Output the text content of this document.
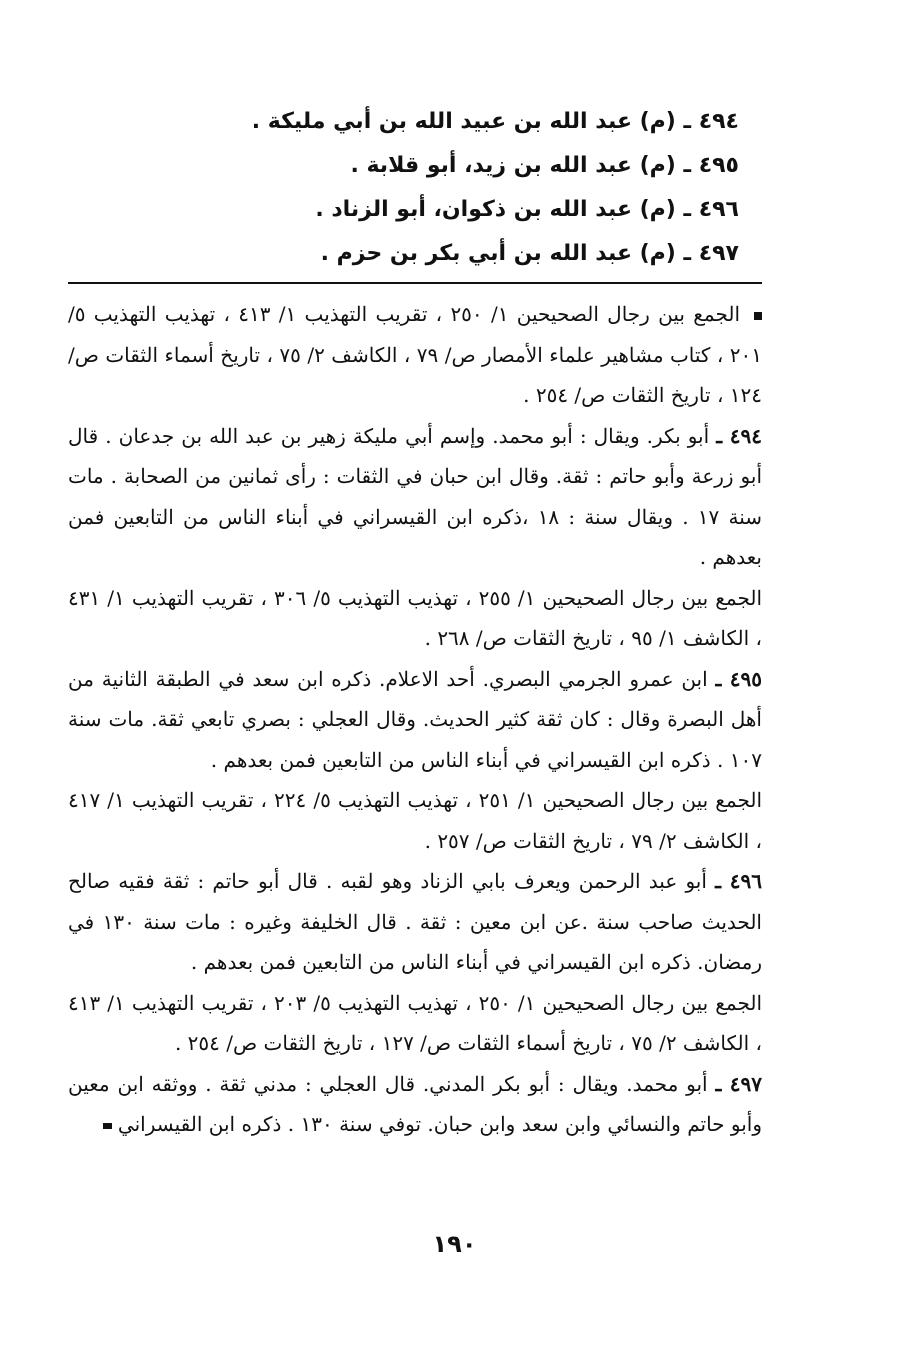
٤٩٤ ـ (م) عبد الله بن عبيد الله بن أبي مليكة .
٤٩٥ ـ (م) عبد الله بن زيد، أبو قلابة .
٤٩٦ ـ (م) عبد الله بن ذكوان، أبو الزناد .
٤٩٧ ـ (م) عبد الله بن أبي بكر بن حزم .

الجمع بين رجال الصحيحين ١/ ٢٥٠ ، تقريب التهذيب ١/ ٤١٣ ، تهذيب التهذيب ٥/ ٢٠١ ، كتاب مشاهير علماء الأمصار ص/ ٧٩ ، الكاشف ٢/ ٧٥ ، تاريخ أسماء الثقات ص/١٢٤ ، تاريخ الثقات ص/ ٢٥٤ .

٤٩٤ ـ أبو بكر. ويقال : أبو محمد. وإسم أبي مليكة زهير بن عبد الله بن جدعان . قال أبو زرعة وأبو حاتم : ثقة. وقال ابن حبان في الثقات : رأى ثمانين من الصحابة . مات سنة ١٧ . ويقال سنة : ١٨ ،ذكره ابن القيسراني في أبناء الناس من التابعين فمن بعدهم .
الجمع بين رجال الصحيحين ١/ ٢٥٥ ، تهذيب التهذيب ٥/ ٣٠٦ ، تقريب التهذيب ١/ ٤٣١ ، الكاشف ١/ ٩٥ ، تاريخ الثقات ص/ ٢٦٨ .

٤٩٥ ـ ابن عمرو الجرمي البصري. أحد الاعلام. ذكره ابن سعد في الطبقة الثانية من أهل البصرة وقال : كان ثقة كثير الحديث. وقال العجلي : بصري تابعي ثقة. مات سنة ١٠٧ . ذكره ابن القيسراني في أبناء الناس من التابعين فمن بعدهم .
الجمع بين رجال الصحيحين ١/ ٢٥١ ، تهذيب التهذيب ٥/ ٢٢٤ ، تقريب التهذيب ١/ ٤١٧ ، الكاشف ٢/ ٧٩ ، تاريخ الثقات ص/ ٢٥٧ .

٤٩٦ ـ أبو عبد الرحمن ويعرف بابي الزناد وهو لقبه . قال أبو حاتم : ثقة فقيه صالح الحديث صاحب سنة .عن ابن معين : ثقة . قال الخليفة وغيره : مات سنة ١٣٠ في رمضان. ذكره ابن القيسراني في أبناء الناس من التابعين فمن بعدهم .
الجمع بين رجال الصحيحين ١/ ٢٥٠ ، تهذيب التهذيب ٥/ ٢٠٣ ، تقريب التهذيب ١/ ٤١٣ ، الكاشف ٢/ ٧٥ ، تاريخ أسماء الثقات ص/ ١٢٧ ، تاريخ الثقات ص/ ٢٥٤ .

٤٩٧ ـ أبو محمد. ويقال : أبو بكر المدني. قال العجلي : مدني ثقة . ووثقه ابن معين وأبو حاتم والنسائي وابن سعد وابن حبان. توفي سنة ١٣٠ . ذكره ابن القيسراني

١٩٠
